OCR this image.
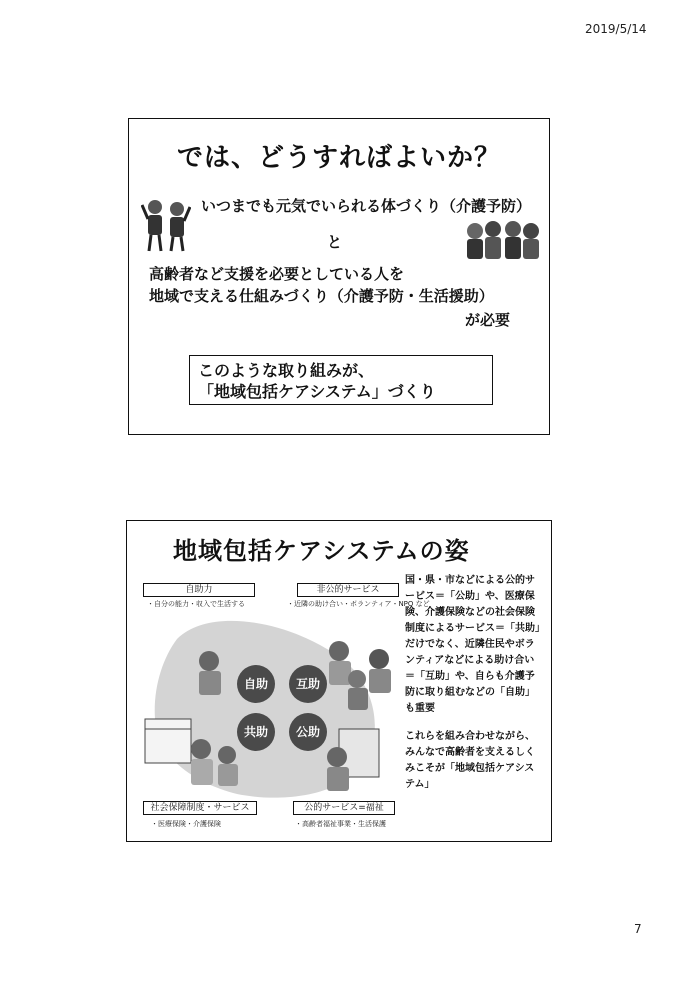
2019/5/14
では、どうすればよいか？
いつまでも元気でいられる体づくり（介護予防）
と
高齢者など支援を必要としている人を
地域で支える仕組みづくり（介護予防・生活援助）
が必要
このような取り組みが、
「地域包括ケアシステム」づくり
地域包括ケアシステムの姿
自助力
・自分の能力・収入で生活する
非公的サービス
・近隣の助け合い・ボランティア・NPO など
自助	互助
共助	公助
社会保障制度・サービス
・医療保険・介護保険
公的サービス=福祉
・高齢者福祉事業・生活保護

国・県・市などによる公的サービス＝「公助」や、医療保険、介護保険などの社会保険制度によるサービス＝「共助」だけでなく、近隣住民やボランティアなどによる助け合い＝「互助」や、自らも介護予防に取り組むなどの「自助」も重要

これらを組み合わせながら、みんなで高齢者を支えるしくみこそが「地域包括ケアシステム」

7
